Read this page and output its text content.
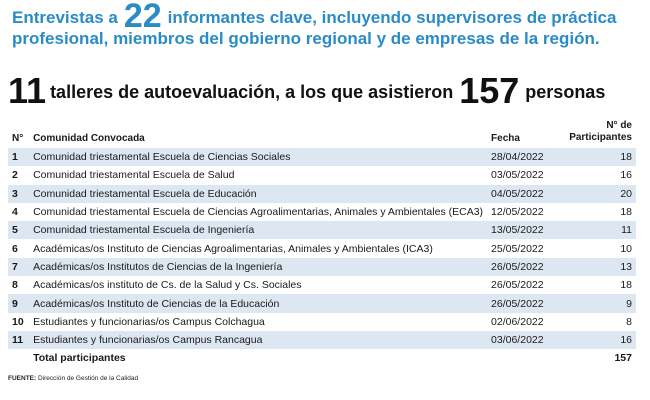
Entrevistas a 22 informantes clave, incluyendo supervisores de práctica profesional, miembros del gobierno regional y de empresas de la región.
11 talleres de autoevaluación, a los que asistieron 157 personas
N°	Comunidad Convocada	Fecha	N° de Participantes
1	Comunidad triestamental Escuela de Ciencias Sociales	28/04/2022	18
2	Comunidad triestamental Escuela de Salud	03/05/2022	16
3	Comunidad triestamental Escuela de Educación	04/05/2022	20
4	Comunidad triestamental Escuela de Ciencias Agroalimentarias, Animales y Ambientales (ECA3)	12/05/2022	18
5	Comunidad triestamental Escuela de Ingeniería	13/05/2022	11
6	Académicas/os Instituto de Ciencias Agroalimentarias, Animales y Ambientales (ICA3)	25/05/2022	10
7	Académicas/os Institutos de Ciencias de la Ingeniería	26/05/2022	13
8	Académicas/os instituto de Cs. de la Salud y Cs. Sociales	26/05/2022	18
9	Académicas/os Instituto de Ciencias de la Educación	26/05/2022	9
10	Estudiantes y funcionarias/os Campus Colchagua	02/06/2022	8
11	Estudiantes y funcionarias/os Campus Rancagua	03/06/2022	16
	Total participantes		157
FUENTE: Dirección de Gestión de la Calidad
